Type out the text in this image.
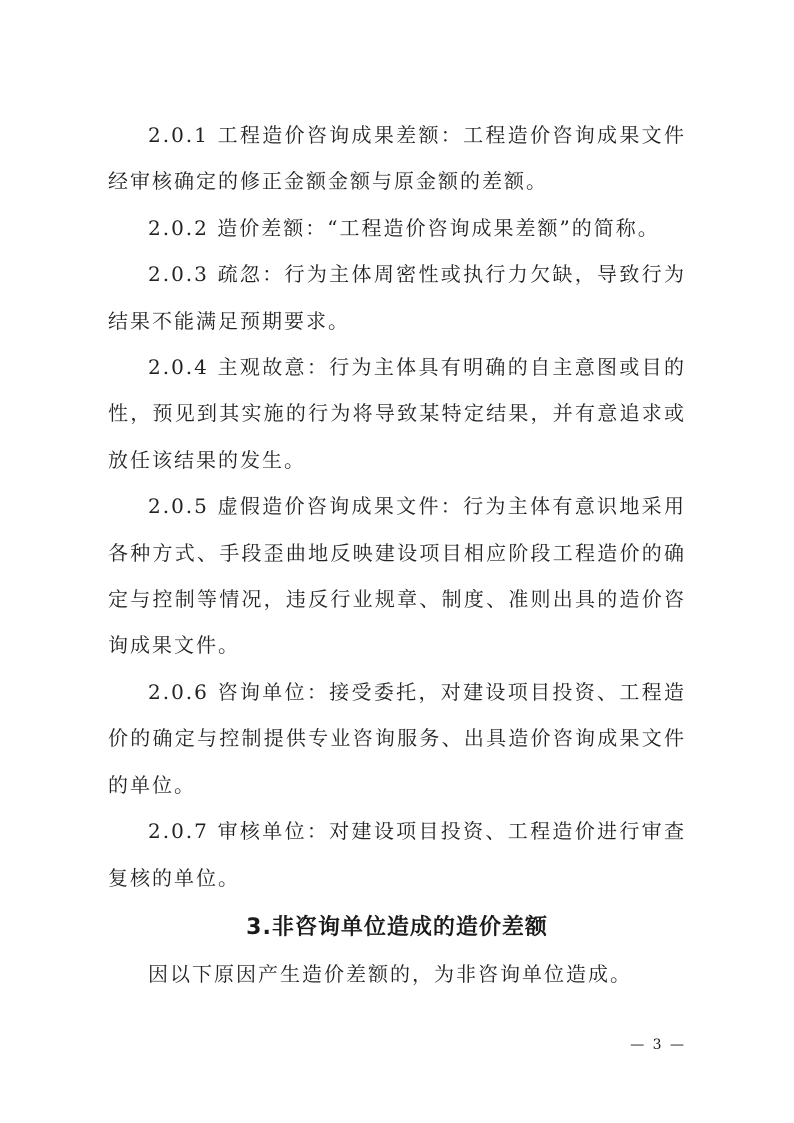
2.0.1 工程造价咨询成果差额：工程造价咨询成果文件经审核确定的修正金额金额与原金额的差额。

2.0.2 造价差额：“工程造价咨询成果差额”的简称。

2.0.3 疏忽：行为主体周密性或执行力欠缺，导致行为结果不能满足预期要求。

2.0.4 主观故意：行为主体具有明确的自主意图或目的性，预见到其实施的行为将导致某特定结果，并有意追求或放任该结果的发生。

2.0.5 虚假造价咨询成果文件：行为主体有意识地采用各种方式、手段歪曲地反映建设项目相应阶段工程造价的确定与控制等情况，违反行业规章、制度、准则出具的造价咨询成果文件。

2.0.6 咨询单位：接受委托，对建设项目投资、工程造价的确定与控制提供专业咨询服务、出具造价咨询成果文件的单位。

2.0.7 审核单位：对建设项目投资、工程造价进行审查复核的单位。

3.非咨询单位造成的造价差额

因以下原因产生造价差额的，为非咨询单位造成。

— 3 —
